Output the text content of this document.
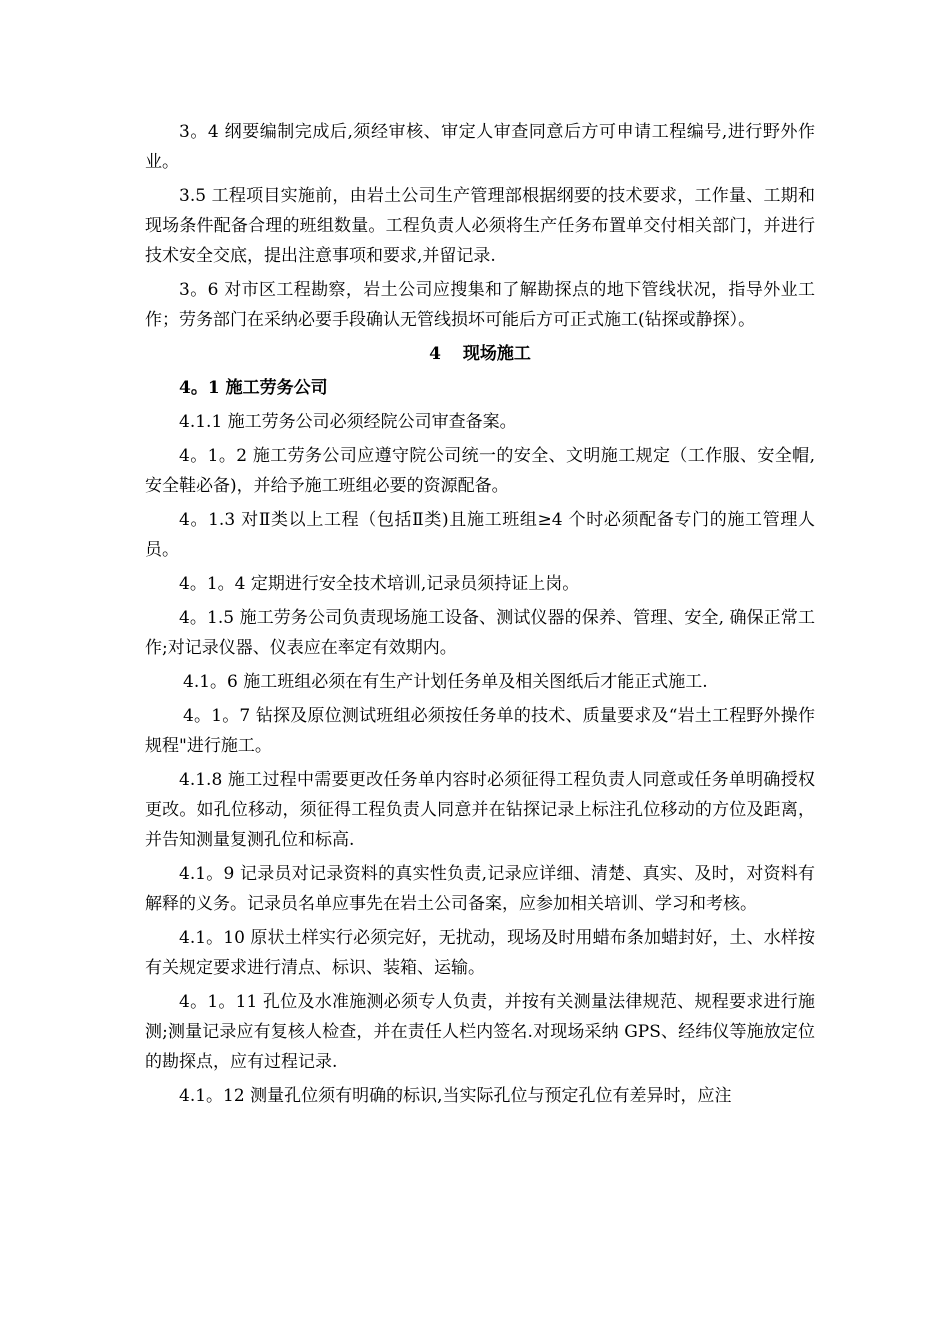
3。4 纲要编制完成后,须经审核、审定人审查同意后方可申请工程编号,进行野外作业。

3.5 工程项目实施前，由岩土公司生产管理部根据纲要的技术要求，工作量、工期和现场条件配备合理的班组数量。工程负责人必须将生产任务布置单交付相关部门，并进行技术安全交底，提出注意事项和要求,并留记录.

3。6 对市区工程勘察，岩土公司应搜集和了解勘探点的地下管线状况，指导外业工作；劳务部门在采纳必要手段确认无管线损坏可能后方可正式施工(钻探或静探）。

4 现场施工
4。1 施工劳务公司

4.1.1 施工劳务公司必须经院公司审查备案。

4。1。2 施工劳务公司应遵守院公司统一的安全、文明施工规定（工作服、安全帽,安全鞋必备)，并给予施工班组必要的资源配备。

4。1.3 对Ⅱ类以上工程（包括Ⅱ类)且施工班组≥4 个时必须配备专门的施工管理人员。

4。1。4 定期进行安全技术培训,记录员须持证上岗。

4。1.5 施工劳务公司负责现场施工设备、测试仪器的保养、管理、安全, 确保正常工作;对记录仪器、仪表应在率定有效期内。

4.1。6 施工班组必须在有生产计划任务单及相关图纸后才能正式施工.

4。1。7 钻探及原位测试班组必须按任务单的技术、质量要求及“岩土工程野外操作规程"进行施工。

4.1.8 施工过程中需要更改任务单内容时必须征得工程负责人同意或任务单明确授权更改。如孔位移动，须征得工程负责人同意并在钻探记录上标注孔位移动的方位及距离，并告知测量复测孔位和标高.

4.1。9 记录员对记录资料的真实性负责,记录应详细、清楚、真实、及时，对资料有解释的义务。记录员名单应事先在岩土公司备案，应参加相关培训、学习和考核。

4.1。10 原状土样实行必须完好，无扰动，现场及时用蜡布条加蜡封好，土、水样按有关规定要求进行清点、标识、装箱、运输。

4。1。11 孔位及水准施测必须专人负责，并按有关测量法律规范、规程要求进行施测;测量记录应有复核人检查，并在责任人栏内签名.对现场采纳 GPS、经纬仪等施放定位的勘探点，应有过程记录.

4.1。12 测量孔位须有明确的标识,当实际孔位与预定孔位有差异时，应注
